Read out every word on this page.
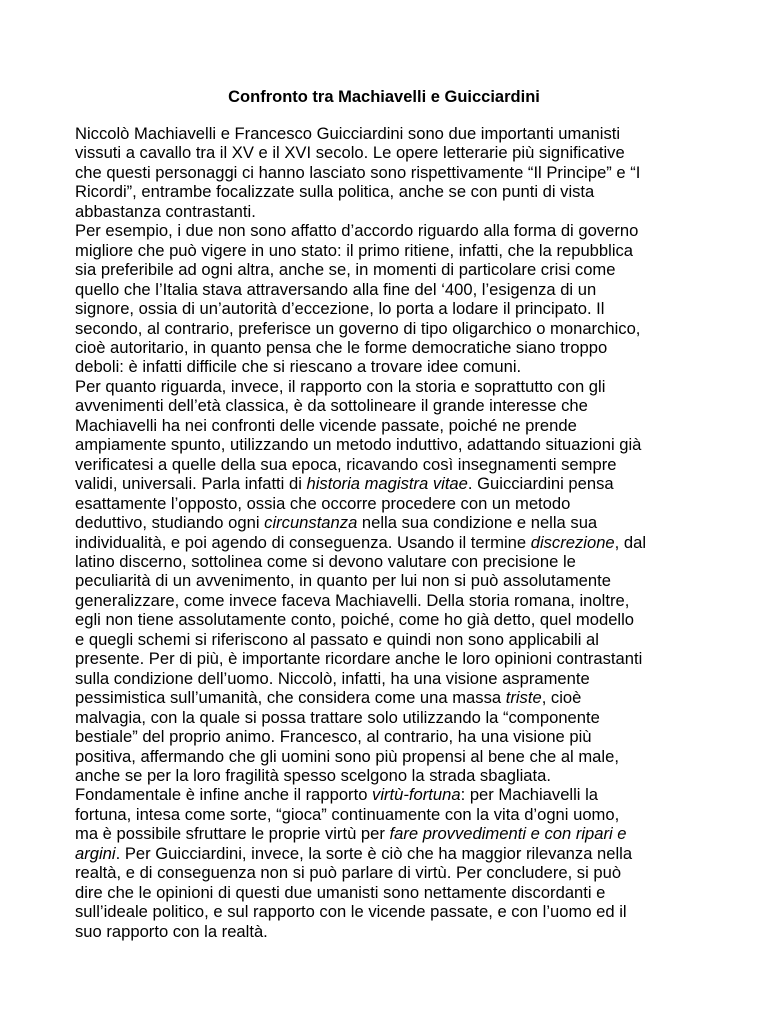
Confronto tra Machiavelli e Guicciardini
Niccolò Machiavelli e Francesco Guicciardini sono due importanti umanisti
vissuti a cavallo tra il XV e il XVI secolo. Le opere letterarie più significative
che questi personaggi ci hanno lasciato sono rispettivamente “Il Principe” e “I
Ricordi”, entrambe focalizzate sulla politica, anche se con punti di vista
abbastanza contrastanti.
Per esempio, i due non sono affatto d’accordo riguardo alla forma di governo
migliore che può vigere in uno stato: il primo ritiene, infatti, che la repubblica
sia preferibile ad ogni altra, anche se, in momenti di particolare crisi come
quello che l’Italia stava attraversando alla fine del ‘400, l’esigenza di un
signore, ossia di un’autorità d’eccezione, lo porta a lodare il principato. Il
secondo, al contrario, preferisce un governo di tipo oligarchico o monarchico,
cioè autoritario, in quanto pensa che le forme democratiche siano troppo
deboli: è infatti difficile che si riescano a trovare idee comuni.
Per quanto riguarda, invece, il rapporto con la storia e soprattutto con gli
avvenimenti dell’età classica, è da sottolineare il grande interesse che
Machiavelli ha nei confronti delle vicende passate, poiché ne prende
ampiamente spunto, utilizzando un metodo induttivo, adattando situazioni già
verificatesi a quelle della sua epoca, ricavando così insegnamenti sempre
validi, universali. Parla infatti di historia magistra vitae. Guicciardini pensa
esattamente l’opposto, ossia che occorre procedere con un metodo
deduttivo, studiando ogni circunstanza nella sua condizione e nella sua
individualità, e poi agendo di conseguenza. Usando il termine discrezione, dal
latino discerno, sottolinea come si devono valutare con precisione le
peculiarità di un avvenimento, in quanto per lui non si può assolutamente
generalizzare, come invece faceva Machiavelli. Della storia romana, inoltre,
egli non tiene assolutamente conto, poiché, come ho già detto, quel modello
e quegli schemi si riferiscono al passato e quindi non sono applicabili al
presente. Per di più, è importante ricordare anche le loro opinioni contrastanti
sulla condizione dell’uomo. Niccolò, infatti, ha una visione aspramente
pessimistica sull’umanità, che considera come una massa triste, cioè
malvagia, con la quale si possa trattare solo utilizzando la “componente
bestiale” del proprio animo. Francesco, al contrario, ha una visione più
positiva, affermando che gli uomini sono più propensi al bene che al male,
anche se per la loro fragilità spesso scelgono la strada sbagliata.
Fondamentale è infine anche il rapporto virtù-fortuna: per Machiavelli la
fortuna, intesa come sorte, “gioca” continuamente con la vita d’ogni uomo,
ma è possibile sfruttare le proprie virtù per fare provvedimenti e con ripari e
argini. Per Guicciardini, invece, la sorte è ciò che ha maggior rilevanza nella
realtà, e di conseguenza non si può parlare di virtù. Per concludere, si può
dire che le opinioni di questi due umanisti sono nettamente discordanti e
sull’ideale politico, e sul rapporto con le vicende passate, e con l’uomo ed il
suo rapporto con la realtà.
